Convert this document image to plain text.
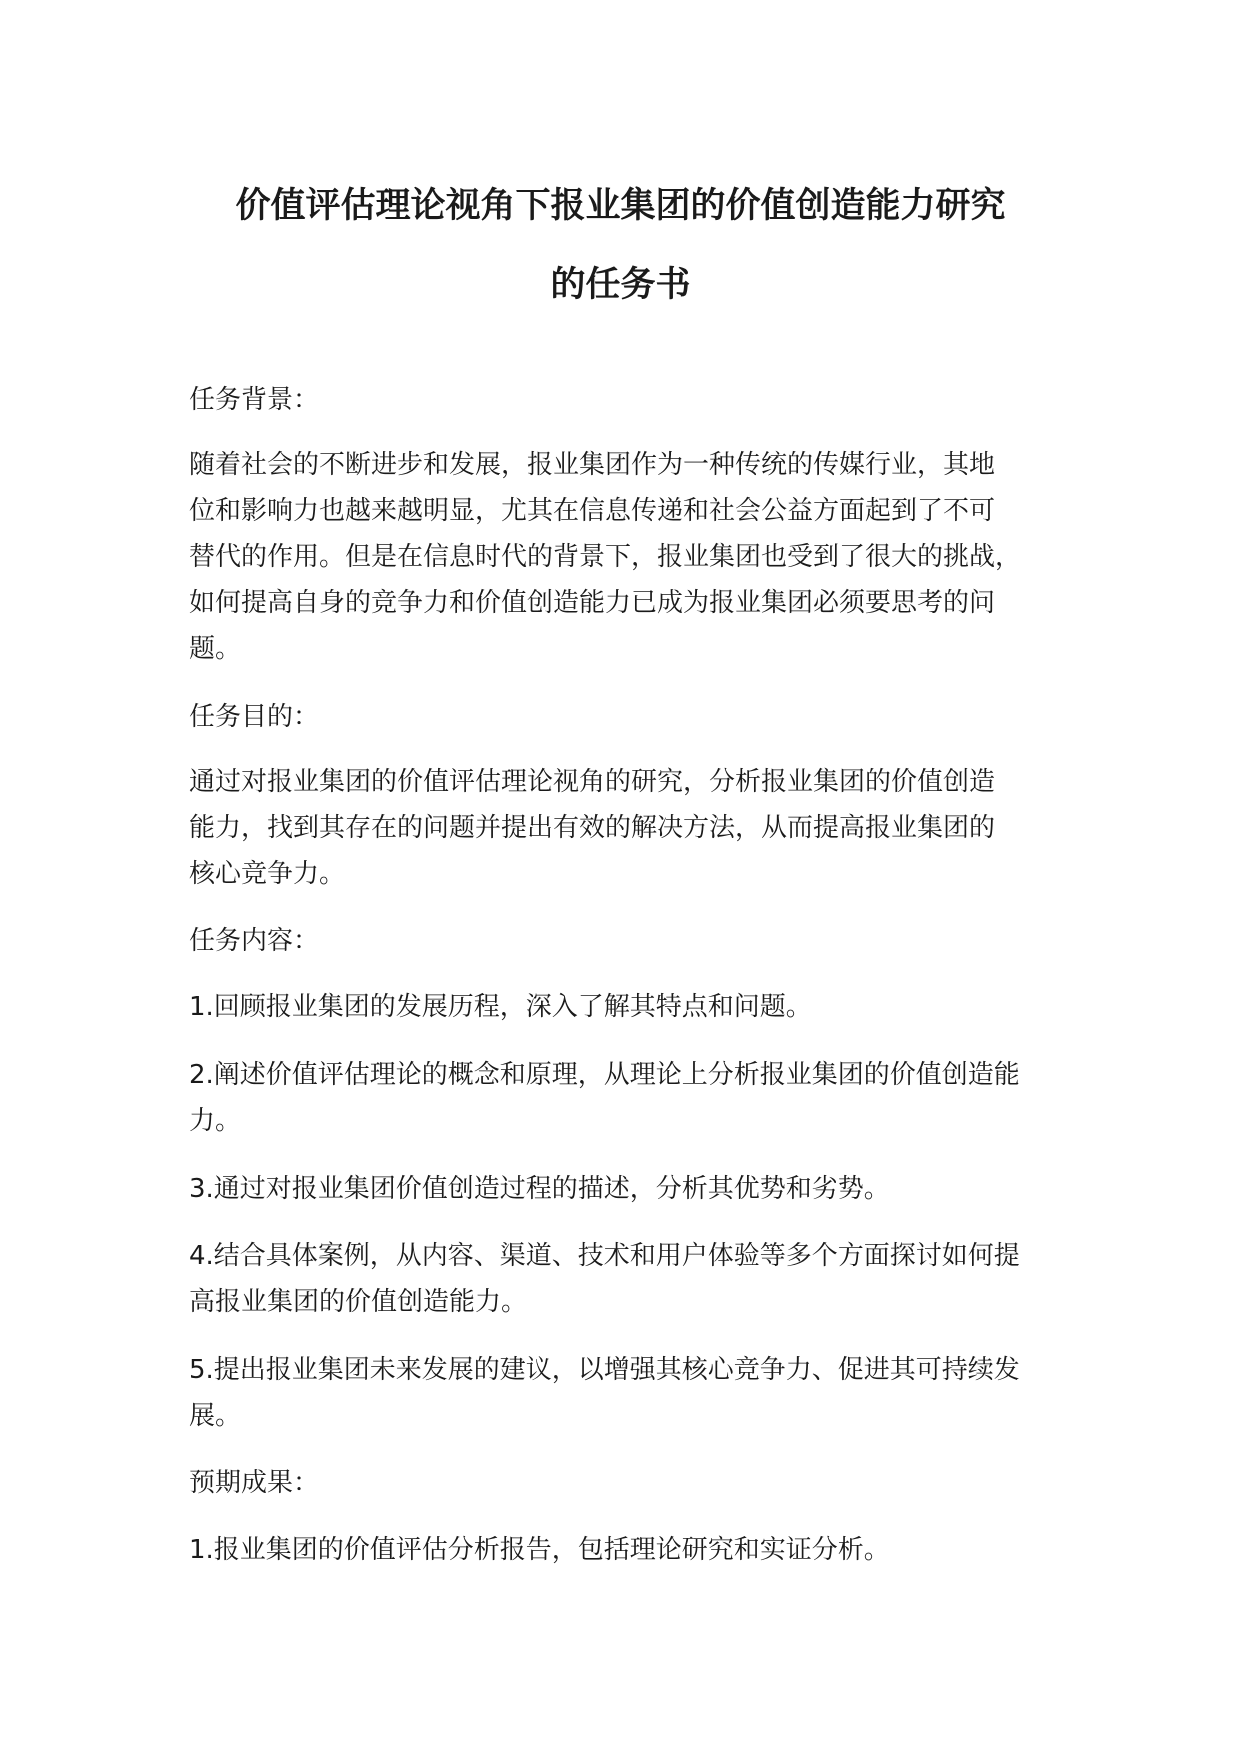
价值评估理论视角下报业集团的价值创造能力研究
的任务书
任务背景：
随着社会的不断进步和发展，报业集团作为一种传统的传媒行业，其地
位和影响力也越来越明显，尤其在信息传递和社会公益方面起到了不可
替代的作用。但是在信息时代的背景下，报业集团也受到了很大的挑战，
如何提高自身的竞争力和价值创造能力已成为报业集团必须要思考的问
题。
任务目的：
通过对报业集团的价值评估理论视角的研究，分析报业集团的价值创造
能力，找到其存在的问题并提出有效的解决方法，从而提高报业集团的
核心竞争力。
任务内容：
1.回顾报业集团的发展历程，深入了解其特点和问题。
2.阐述价值评估理论的概念和原理，从理论上分析报业集团的价值创造能
力。
3.通过对报业集团价值创造过程的描述，分析其优势和劣势。
4.结合具体案例，从内容、渠道、技术和用户体验等多个方面探讨如何提
高报业集团的价值创造能力。
5.提出报业集团未来发展的建议，以增强其核心竞争力、促进其可持续发
展。
预期成果：
1.报业集团的价值评估分析报告，包括理论研究和实证分析。
